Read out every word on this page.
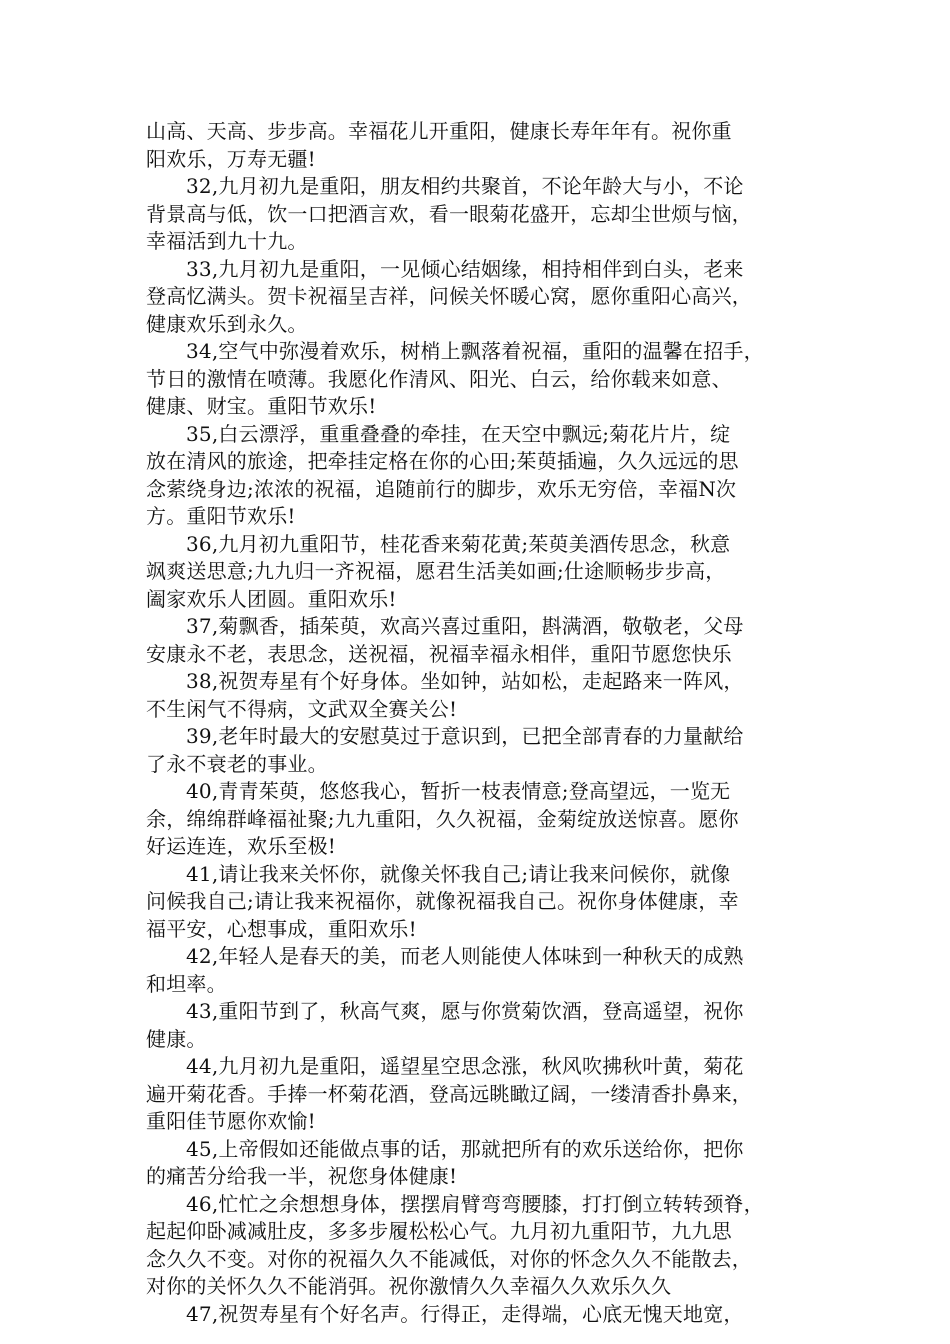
山高、天高、步步高。幸福花儿开重阳，健康长寿年年有。祝你重
阳欢乐，万寿无疆!

32,九月初九是重阳，朋友相约共聚首，不论年龄大与小，不论
背景高与低，饮一口把酒言欢，看一眼菊花盛开，忘却尘世烦与恼，
幸福活到九十九。

33,九月初九是重阳，一见倾心结姻缘，相持相伴到白头，老来
登高忆满头。贺卡祝福呈吉祥，问候关怀暖心窝，愿你重阳心高兴，
健康欢乐到永久。

34,空气中弥漫着欢乐，树梢上飘落着祝福，重阳的温馨在招手，
节日的激情在喷薄。我愿化作清风、阳光、白云，给你载来如意、
健康、财宝。重阳节欢乐!

35,白云漂浮，重重叠叠的牵挂，在天空中飘远;菊花片片，绽
放在清风的旅途，把牵挂定格在你的心田;茱萸插遍，久久远远的思
念萦绕身边;浓浓的祝福，追随前行的脚步，欢乐无穷倍，幸福N次
方。重阳节欢乐!

36,九月初九重阳节，桂花香来菊花黄;茱萸美酒传思念，秋意
飒爽送思意;九九归一齐祝福，愿君生活美如画;仕途顺畅步步高，
阖家欢乐人团圆。重阳欢乐!

37,菊飘香，插茱萸，欢高兴喜过重阳，斟满酒，敬敬老，父母
安康永不老，表思念，送祝福，祝福幸福永相伴，重阳节愿您快乐

38,祝贺寿星有个好身体。坐如钟，站如松，走起路来一阵风，
不生闲气不得病，文武双全赛关公!

39,老年时最大的安慰莫过于意识到，已把全部青春的力量献给
了永不衰老的事业。

40,青青茱萸，悠悠我心，暂折一枝表情意;登高望远，一览无
余，绵绵群峰福祉聚;九九重阳，久久祝福，金菊绽放送惊喜。愿你
好运连连，欢乐至极!

41,请让我来关怀你，就像关怀我自己;请让我来问候你，就像
问候我自己;请让我来祝福你，就像祝福我自己。祝你身体健康，幸
福平安，心想事成，重阳欢乐!

42,年轻人是春天的美，而老人则能使人体味到一种秋天的成熟
和坦率。

43,重阳节到了，秋高气爽，愿与你赏菊饮酒，登高遥望，祝你
健康。

44,九月初九是重阳，遥望星空思念涨，秋风吹拂秋叶黄，菊花
遍开菊花香。手捧一杯菊花酒，登高远眺瞰辽阔，一缕清香扑鼻来，
重阳佳节愿你欢愉!

45,上帝假如还能做点事的话，那就把所有的欢乐送给你，把你
的痛苦分给我一半，祝您身体健康!

46,忙忙之余想想身体，摆摆肩臂弯弯腰膝，打打倒立转转颈脊，
起起仰卧减减肚皮，多多步履松松心气。九月初九重阳节，九九思
念久久不变。对你的祝福久久不能减低，对你的怀念久久不能散去，
对你的关怀久久不能消弭。祝你激情久久幸福久久欢乐久久

47,祝贺寿星有个好名声。行得正，走得端，心底无愧天地宽，
